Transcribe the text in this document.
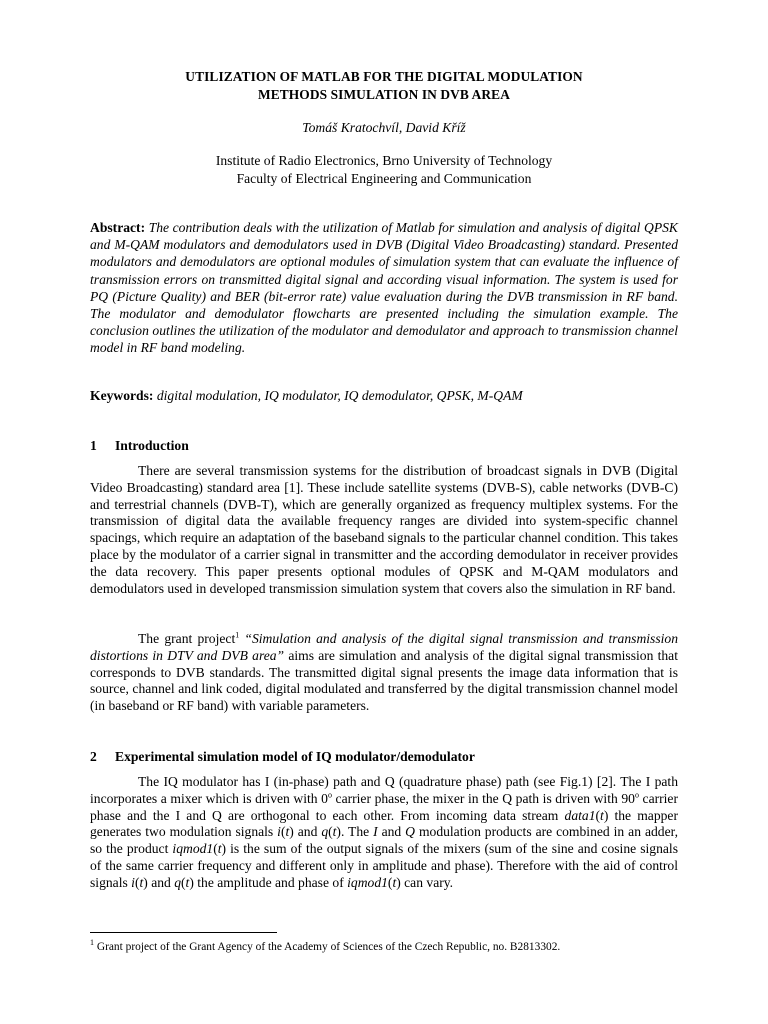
UTILIZATION OF MATLAB FOR THE DIGITAL MODULATION
METHODS SIMULATION IN DVB AREA
Tomáš Kratochvíl, David Kříž
Institute of Radio Electronics, Brno University of Technology
Faculty of Electrical Engineering and Communication
Abstract: The contribution deals with the utilization of Matlab for simulation and analysis of digital QPSK and M-QAM modulators and demodulators used in DVB (Digital Video Broadcasting) standard. Presented modulators and demodulators are optional modules of simulation system that can evaluate the influence of transmission errors on transmitted digital signal and according visual information. The system is used for PQ (Picture Quality) and BER (bit-error rate) value evaluation during the DVB transmission in RF band. The modulator and demodulator flowcharts are presented including the simulation example. The conclusion outlines the utilization of the modulator and demodulator and approach to transmission channel model in RF band modeling.
Keywords: digital modulation, IQ modulator, IQ demodulator, QPSK, M-QAM
1 Introduction
There are several transmission systems for the distribution of broadcast signals in DVB (Digital Video Broadcasting) standard area [1]. These include satellite systems (DVB-S), cable networks (DVB-C) and terrestrial channels (DVB-T), which are generally organized as frequency multiplex systems. For the transmission of digital data the available frequency ranges are divided into system-specific channel spacings, which require an adaptation of the baseband signals to the particular channel condition. This takes place by the modulator of a carrier signal in transmitter and the according demodulator in receiver provides the data recovery. This paper presents optional modules of QPSK and M-QAM modulators and demodulators used in developed transmission simulation system that covers also the simulation in RF band.
The grant project$^1$ “Simulation and analysis of the digital signal transmission and transmission distortions in DTV and DVB area” aims are simulation and analysis of the digital signal transmission that corresponds to DVB standards. The transmitted digital signal presents the image data information that is source, channel and link coded, digital modulated and transferred by the digital transmission channel model (in baseband or RF band) with variable parameters.
2 Experimental simulation model of IQ modulator/demodulator
The IQ modulator has I (in-phase) path and Q (quadrature phase) path (see Fig.1) [2]. The I path incorporates a mixer which is driven with 0$^o$ carrier phase, the mixer in the Q path is driven with 90$^o$ carrier phase and the I and Q are orthogonal to each other. From incoming data stream data1(t) the mapper generates two modulation signals i(t) and q(t). The I and Q modulation products are combined in an adder, so the product iqmod1(t) is the sum of the output signals of the mixers (sum of the sine and cosine signals of the same carrier frequency and different only in amplitude and phase). Therefore with the aid of control signals i(t) and q(t) the amplitude and phase of iqmod1(t) can vary.
$^1$ Grant project of the Grant Agency of the Academy of Sciences of the Czech Republic, no. B2813302.
